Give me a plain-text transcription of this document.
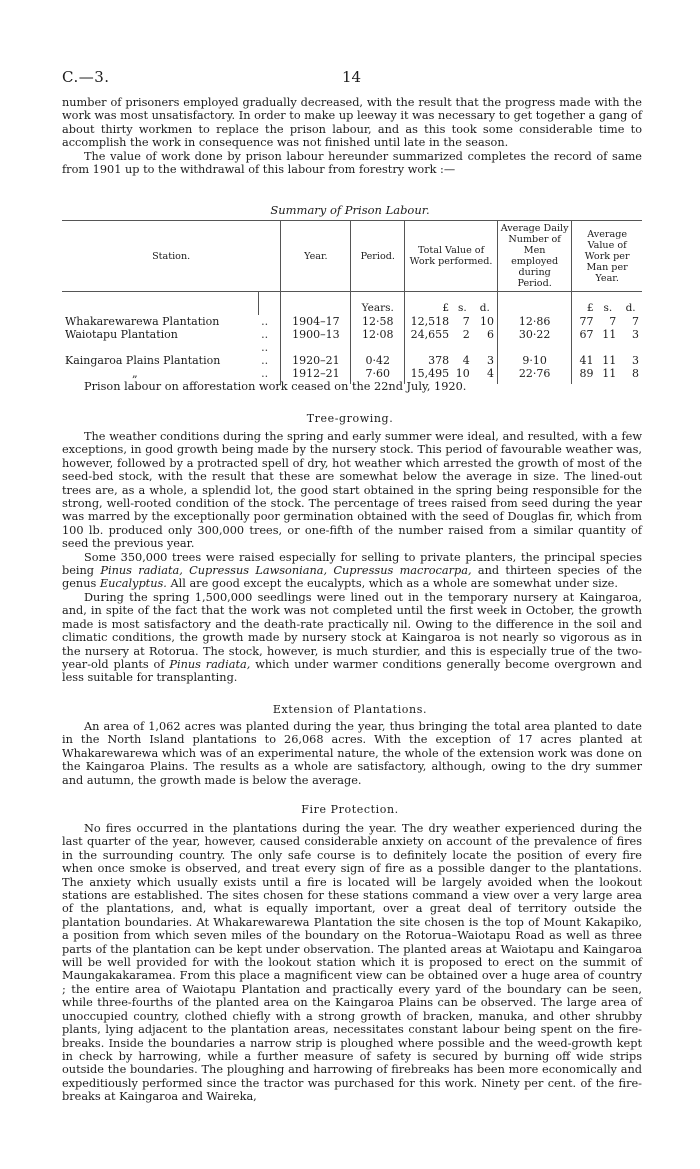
C.—3.	14

number of prisoners employed gradually decreased, with the result that the progress made with the work was most unsatisfactory. In order to make up leeway it was necessary to get together a gang of about thirty workmen to replace the prison labour, and as this took some considerable time to accomplish the work in consequence was not finished until late in the season.

The value of work done by prison labour hereunder summarized completes the record of same from 1901 up to the withdrawal of this labour from forestry work :—

Summary of Prison Labour.
Station.		Year.	Period.	Total Value of Work performed.			Average Daily Number of Men employed during Period.	Average Value of Work per Man per Year.		
			Years.	£	s.	d.		£	s.	d.
Whakarewarewa Plantation	..	1904–17	12·58	12,518	7	10	12·86	77	7	7
Waiotapu Plantation	.. ..	1900–13	12·08	24,655	2	6	30·22	67	11	3
Kaingaroa Plains Plantation	..	1920–21	0·42	378	4	3	9·10	41	11	3
„	..	1912–21	7·60	15,495	10	4	22·76	89	11	8

Prison labour on afforestation work ceased on the 22nd July, 1920.

Tree-growing.

The weather conditions during the spring and early summer were ideal, and resulted, with a few exceptions, in good growth being made by the nursery stock. This period of favourable weather was, however, followed by a protracted spell of dry, hot weather which arrested the growth of most of the seed-bed stock, with the result that these are somewhat below the average in size. The lined-out trees are, as a whole, a splendid lot, the good start obtained in the spring being responsible for the strong, well-rooted condition of the stock. The percentage of trees raised from seed during the year was marred by the exceptionally poor germination obtained with the seed of Douglas fir, which from 100 lb. produced only 300,000 trees, or one-fifth of the number raised from a similar quantity of seed the previous year.

Some 350,000 trees were raised especially for selling to private planters, the principal species being Pinus radiata, Cupressus Lawsoniana, Cupressus macrocarpa, and thirteen species of the genus Eucalyptus. All are good except the eucalypts, which as a whole are somewhat under size.

During the spring 1,500,000 seedlings were lined out in the temporary nursery at Kaingaroa, and, in spite of the fact that the work was not completed until the first week in October, the growth made is most satisfactory and the death-rate practically nil. Owing to the difference in the soil and climatic conditions, the growth made by nursery stock at Kaingaroa is not nearly so vigorous as in the nursery at Rotorua. The stock, however, is much sturdier, and this is especially true of the two-year-old plants of Pinus radiata, which under warmer conditions generally become overgrown and less suitable for transplanting.

Extension of Plantations.

An area of 1,062 acres was planted during the year, thus bringing the total area planted to date in the North Island plantations to 26,068 acres. With the exception of 17 acres planted at Whakarewarewa which was of an experimental nature, the whole of the extension work was done on the Kaingaroa Plains. The results as a whole are satisfactory, although, owing to the dry summer and autumn, the growth made is below the average.

Fire Protection.

No fires occurred in the plantations during the year. The dry weather experienced during the last quarter of the year, however, caused considerable anxiety on account of the prevalence of fires in the surrounding country. The only safe course is to definitely locate the position of every fire when once smoke is observed, and treat every sign of fire as a possible danger to the plantations. The anxiety which usually exists until a fire is located will be largely avoided when the lookout stations are established. The sites chosen for these stations command a view over a very large area of the plantations, and, what is equally important, over a great deal of territory outside the plantation boundaries. At Whakarewarewa Plantation the site chosen is the top of Mount Kakapiko, a position from which seven miles of the boundary on the Rotorua–Waiotapu Road as well as three parts of the plantation can be kept under observation. The planted areas at Waiotapu and Kaingaroa will be well provided for with the lookout station which it is proposed to erect on the summit of Maungakakaramea. From this place a magnificent view can be obtained over a huge area of country ; the entire area of Waiotapu Plantation and practically every yard of the boundary can be seen, while three-fourths of the planted area on the Kaingaroa Plains can be observed. The large area of unoccupied country, clothed chiefly with a strong growth of bracken, manuka, and other shrubby plants, lying adjacent to the plantation areas, necessitates constant labour being spent on the fire-breaks. Inside the boundaries a narrow strip is ploughed where possible and the weed-growth kept in check by harrowing, while a further measure of safety is secured by burning off wide strips outside the boundaries. The ploughing and harrowing of firebreaks has been more economically and expeditiously performed since the tractor was purchased for this work. Ninety per cent. of the fire-breaks at Kaingaroa and Waireka,
